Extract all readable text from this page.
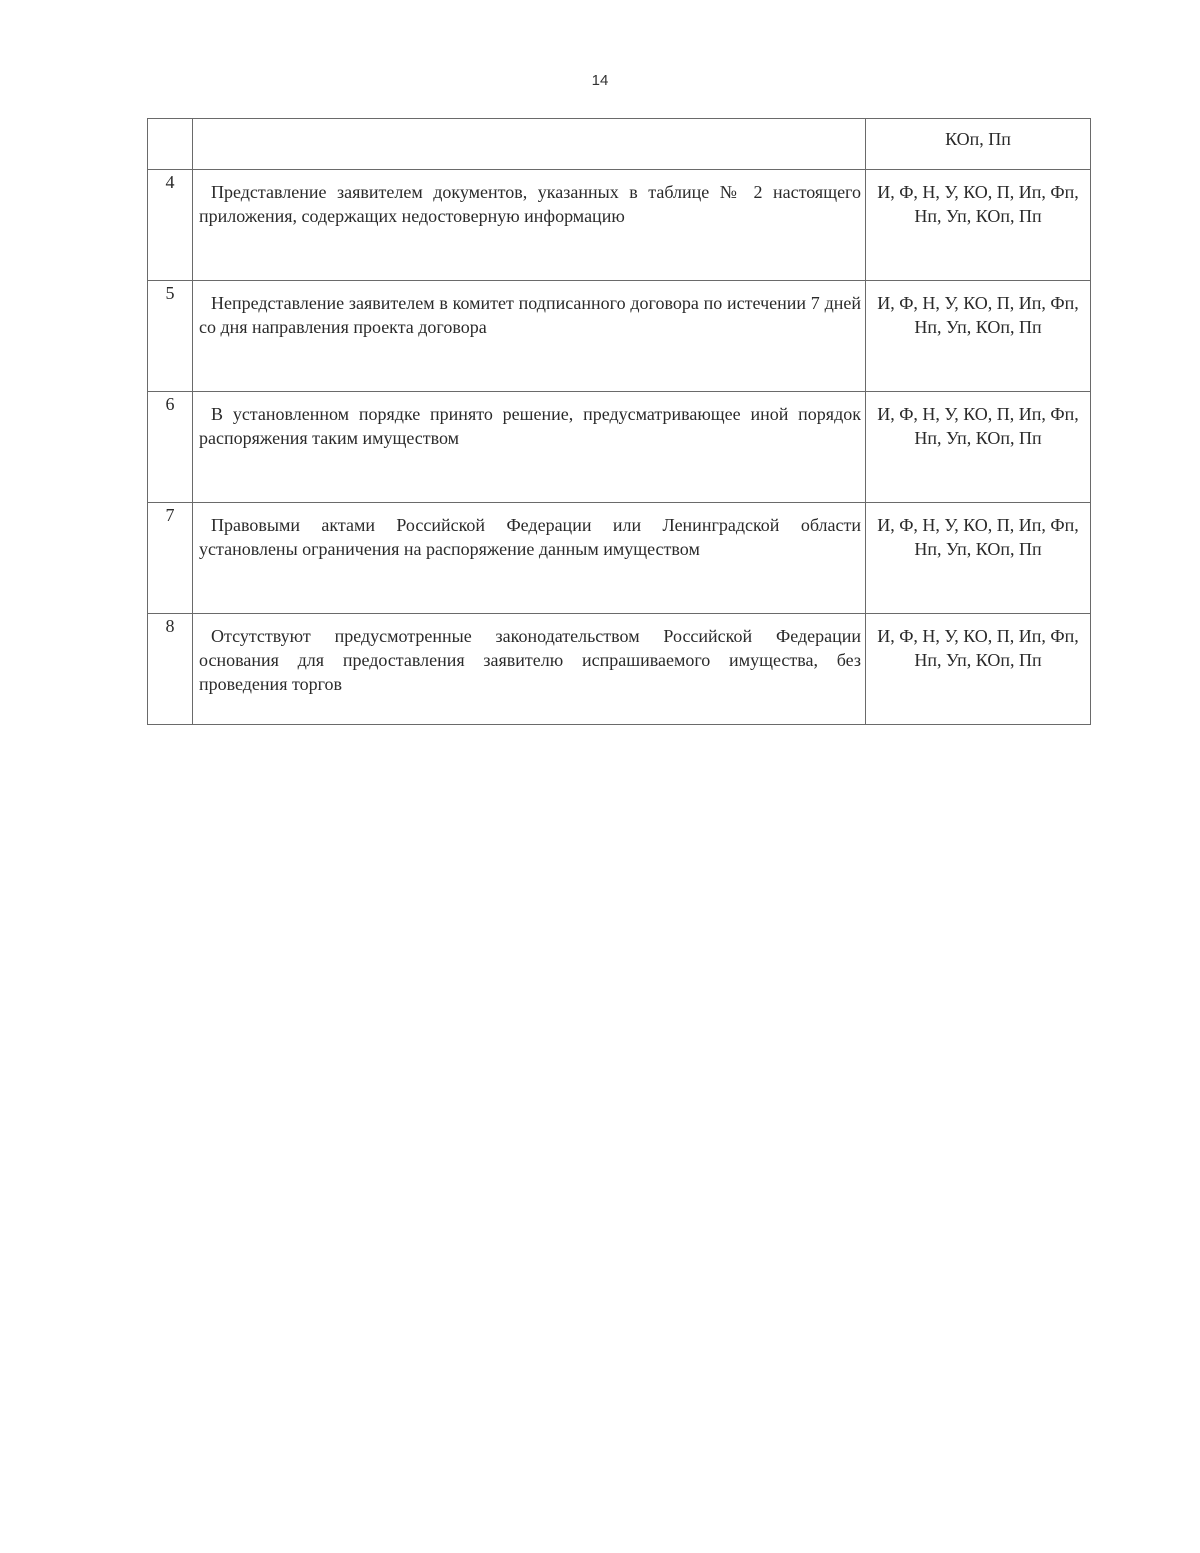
14
		КОп, Пп
4	Представление заявителем документов, указанных в таблице № 2 настоящего приложения, содержащих недостоверную информацию	И, Ф, Н, У, КО, П, Ип, Фп, Нп, Уп, КОп, Пп
5	Непредставление заявителем в комитет подписанного договора по истечении 7 дней со дня направления проекта договора	И, Ф, Н, У, КО, П, Ип, Фп, Нп, Уп, КОп, Пп
6	В установленном порядке принято решение, предусматривающее иной порядок распоряжения таким имуществом	И, Ф, Н, У, КО, П, Ип, Фп, Нп, Уп, КОп, Пп
7	Правовыми актами Российской Федерации или Ленинградской области установлены ограничения на распоряжение данным имуществом	И, Ф, Н, У, КО, П, Ип, Фп, Нп, Уп, КОп, Пп
8	Отсутствуют предусмотренные законодательством Российской Федерации основания для предоставления заявителю испрашиваемого имущества, без проведения торгов	И, Ф, Н, У, КО, П, Ип, Фп, Нп, Уп, КОп, Пп
